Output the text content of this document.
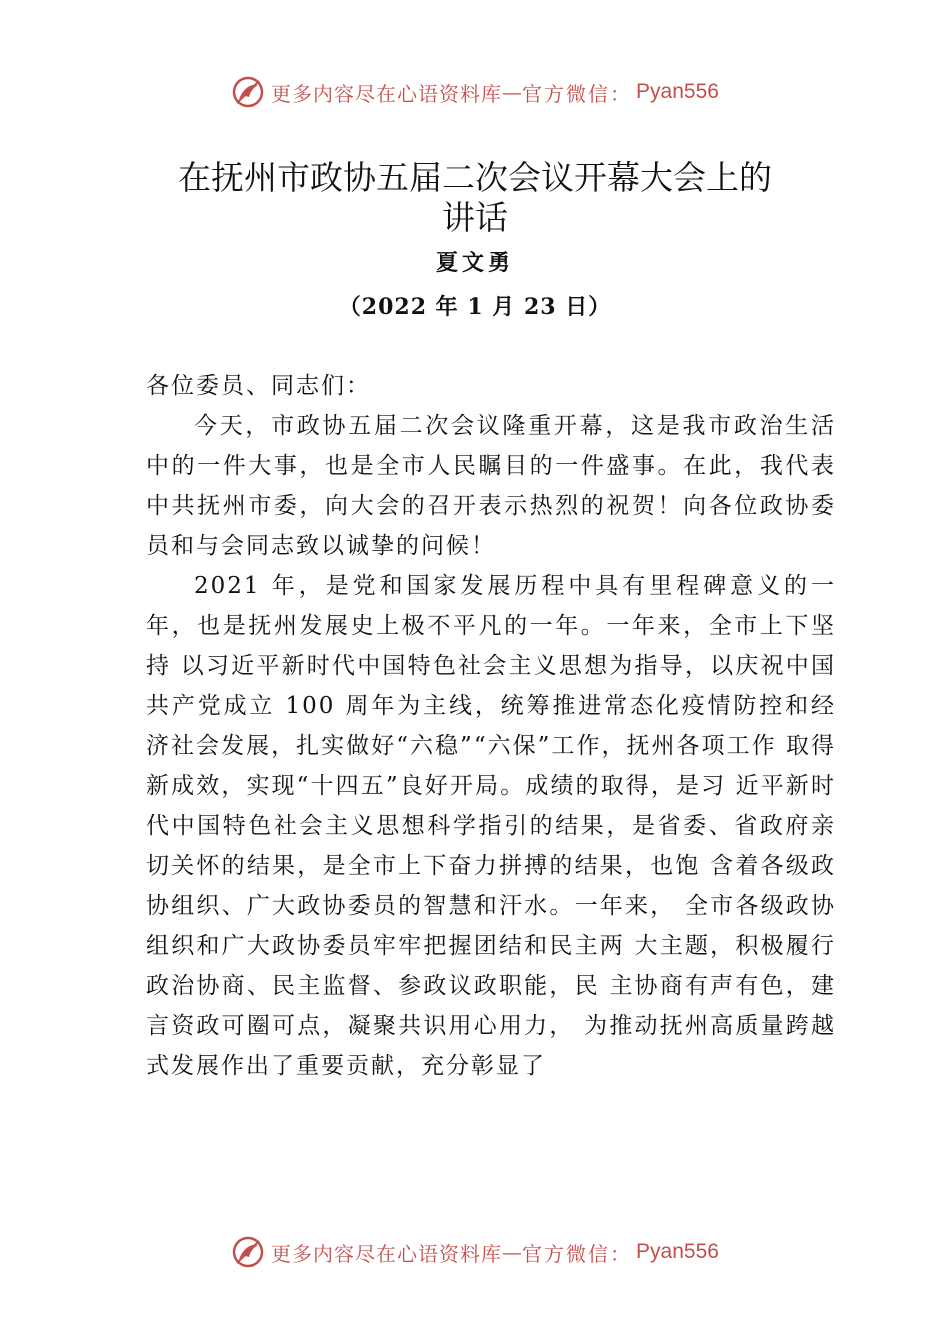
更多内容尽在心语资料库 — 官方微信： Pyan556
在抚州市政协五届二次会议开幕大会上的
讲话
夏文勇
（2022 年 1 月 23 日）

各位委员、同志们：

今天，市政协五届二次会议隆重开幕，这是我市政治生活中的一件大事，也是全市人民瞩目的一件盛事。在此，我代表中共抚州市委，向大会的召开表示热烈的祝贺！向各位政协委员和与会同志致以诚挚的问候！

2021 年，是党和国家发展历程中具有里程碑意义的一年，也是抚州发展史上极不平凡的一年。一年来，全市上下坚持 以习近平新时代中国特色社会主义思想为指导，以庆祝中国 共产党成立 100 周年为主线，统筹推进常态化疫情防控和经济社会发展，扎实做好“六稳”“六保”工作，抚州各项工作 取得新成效，实现“十四五”良好开局。成绩的取得，是习 近平新时代中国特色社会主义思想科学指引的结果，是省委、省政府亲切关怀的结果，是全市上下奋力拼搏的结果，也饱 含着各级政协组织、广大政协委员的智慧和汗水。一年来， 全市各级政协组织和广大政协委员牢牢把握团结和民主两 大主题，积极履行政治协商、民主监督、参政议政职能，民 主协商有声有色，建言资政可圈可点，凝聚共识用心用力， 为推动抚州高质量跨越式发展作出了重要贡献，充分彰显了

更多内容尽在心语资料库 — 官方微信： Pyan556
